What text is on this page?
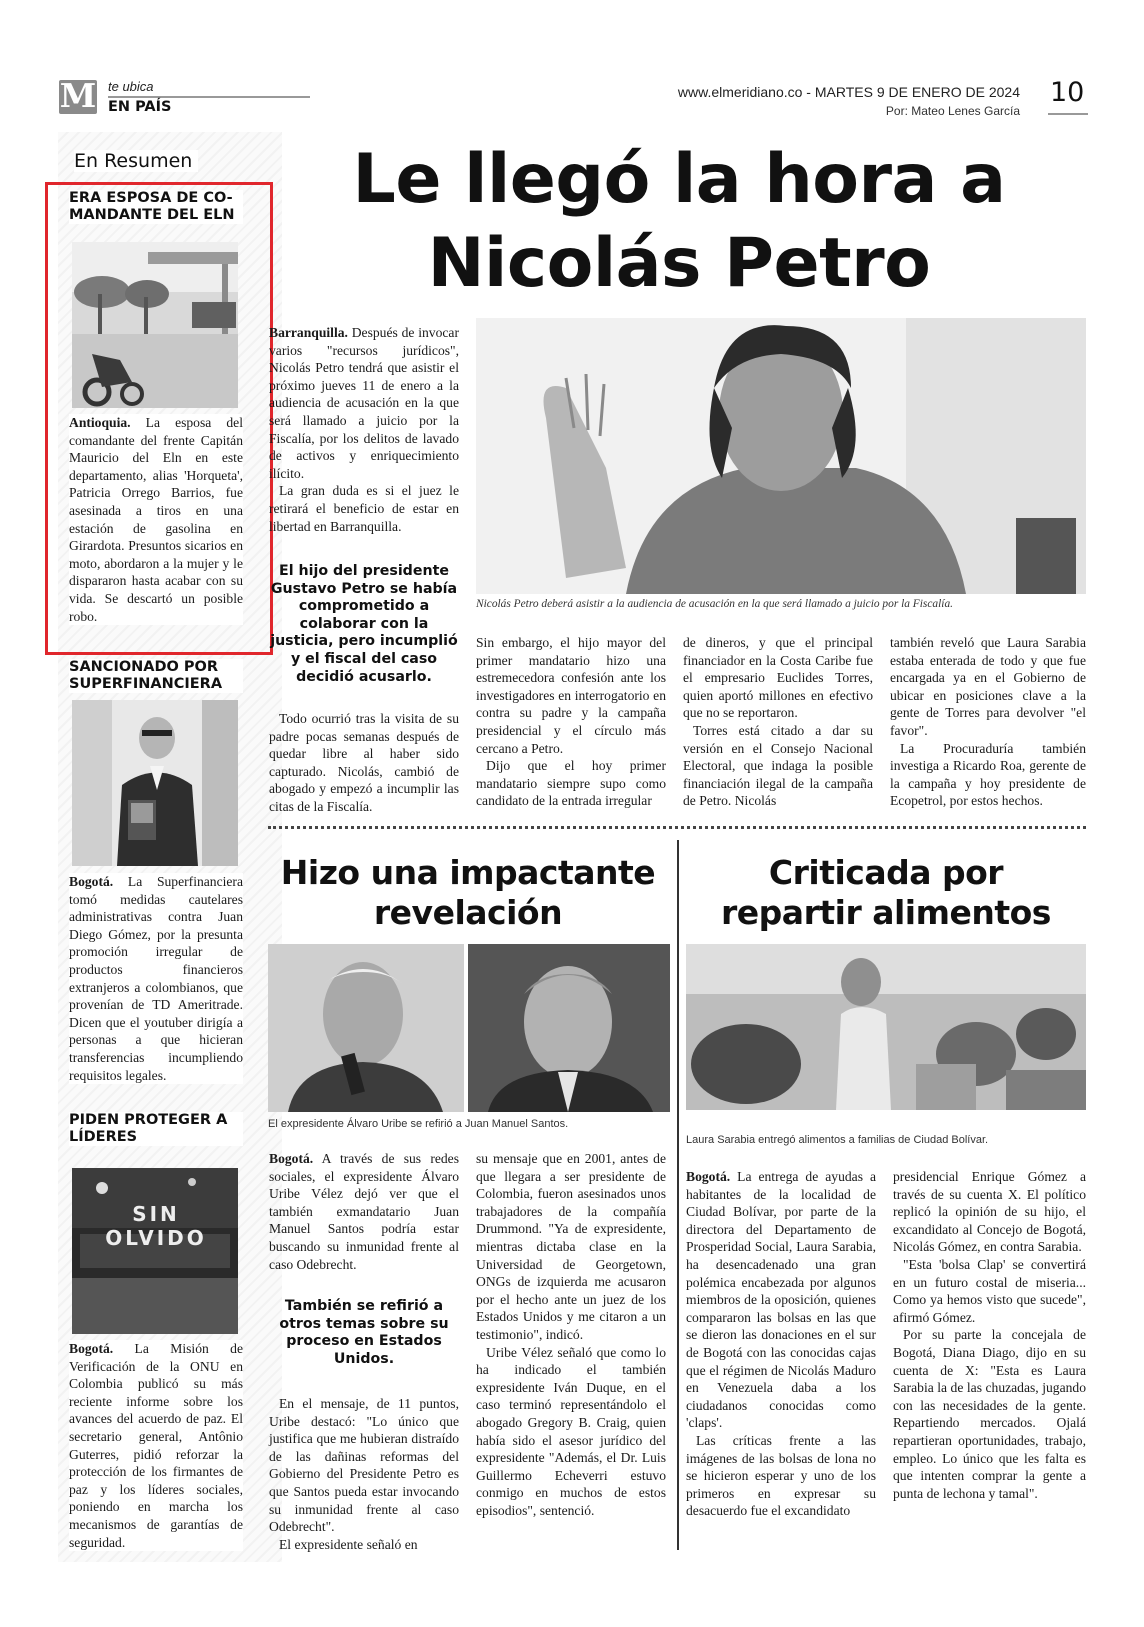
M te ubica
EN PAÍS
www.elmeridiano.co - MARTES 9 DE ENERO DE 2024
Por: Mateo Lenes García
10
En Resumen
ERA ESPOSA DE CO-MANDANTE DEL ELN

Antioquia. La esposa del comandante del frente Capitán Mauricio del Eln en este departamento, alias 'Horqueta', Patricia Orrego Barrios, fue asesinada a tiros en una estación de gasolina en Girardota. Presuntos sicarios en moto, abordaron a la mujer y le dispararon hasta acabar con su vida. Se descartó un posible robo.

SANCIONADO POR SUPERFINANCIERA

Bogotá. La Superfinanciera tomó medidas cautelares administrativas contra Juan Diego Gómez, por la presunta promoción irregular de productos financieros extranjeros a colombianos, que provenían de TD Ameritrade. Dicen que el youtuber dirigía a personas a que hicieran transferencias incumpliendo requisitos legales.

PIDEN PROTEGER A LÍDERES
SIN OLVIDO

Bogotá. La Misión de Verificación de la ONU en Colombia publicó su más reciente informe sobre los avances del acuerdo de paz. El secretario general, Antônio Guterres, pidió reforzar la protección de los firmantes de paz y los líderes sociales, poniendo en marcha los mecanismos de garantías de seguridad.

Le llegó la hora a
Nicolás Petro

Barranquilla. Después de invocar varios "recursos jurídicos", Nicolás Petro tendrá que asistir el próximo jueves 11 de enero a la audiencia de acusación en la que será llamado a juicio por la Fiscalía, por los delitos de lavado de activos y enriquecimiento ilícito.

La gran duda es si el juez le retirará el beneficio de estar en libertad en Barranquilla.

Nicolás Petro deberá asistir a la audiencia de acusación en la que será llamado a juicio por la Fiscalía.
El hijo del presidente Gustavo Petro se había comprometido a colaborar con la justicia, pero incumplió y el fiscal del caso decidió acusarlo.

Todo ocurrió tras la visita de su padre pocas semanas después de quedar libre al haber sido capturado. Nicolás, cambió de abogado y empezó a incumplir las citas de la Fiscalía.

Sin embargo, el hijo mayor del primer mandatario hizo una estremecedora confesión ante los investigadores en interrogatorio en contra su padre y la campaña presidencial y el círculo más cercano a Petro.

Dijo que el hoy primer mandatario siempre supo como candidato de la entrada irregular

de dineros, y que el principal financiador en la Costa Caribe fue el empresario Euclides Torres, quien aportó millones en efectivo que no se reportaron.

Torres está citado a dar su versión en el Consejo Nacional Electoral, que indaga la posible financiación ilegal de la campaña de Petro. Nicolás

también reveló que Laura Sarabia estaba enterada de todo y que fue encargada ya en el Gobierno de ubicar en posiciones clave a la gente de Torres para devolver "el favor".

La Procuraduría también investiga a Ricardo Roa, gerente de la campaña y hoy presidente de Ecopetrol, por estos hechos.

Hizo una impactante
revelación
El expresidente Álvaro Uribe se refirió a Juan Manuel Santos.

Bogotá. A través de sus redes sociales, el expresidente Álvaro Uribe Vélez dejó ver que el también exmandatario Juan Manuel Santos podría estar buscando su inmunidad frente al caso Odebrecht.

También se refirió a otros temas sobre su proceso en Estados Unidos.

En el mensaje, de 11 puntos, Uribe destacó: "Lo único que justifica que me hubieran distraído de las dañinas reformas del Gobierno del Presidente Petro es que Santos pueda estar invocando su inmunidad frente al caso Odebrecht".

El expresidente señaló en

su mensaje que en 2001, antes de que llegara a ser presidente de Colombia, fueron asesinados unos trabajadores de la compañía Drummond. "Ya de expresidente, mientras dictaba clase en la Universidad de Georgetown, ONGs de izquierda me acusaron por el hecho ante un juez de los Estados Unidos y me citaron a un testimonio", indicó.

Uribe Vélez señaló que como lo ha indicado el también expresidente Iván Duque, en el caso terminó representándolo el abogado Gregory B. Craig, quien había sido el asesor jurídico del expresidente "Además, el Dr. Luis Guillermo Echeverri estuvo conmigo en muchos de estos episodios", sentenció.

Criticada por
repartir alimentos
Laura Sarabia entregó alimentos a familias de Ciudad Bolívar.

Bogotá. La entrega de ayudas a habitantes de la localidad de Ciudad Bolívar, por parte de la directora del Departamento de Prosperidad Social, Laura Sarabia, ha desencadenado una gran polémica encabezada por algunos miembros de la oposición, quienes compararon las bolsas en las que se dieron las donaciones en el sur de Bogotá con las conocidas cajas que el régimen de Nicolás Maduro en Venezuela daba a los ciudadanos conocidas como 'claps'.

Las críticas frente a las imágenes de las bolsas de lona no se hicieron esperar y uno de los primeros en expresar su desacuerdo fue el excandidato

presidencial Enrique Gómez a través de su cuenta X. El político replicó la opinión de su hijo, el excandidato al Concejo de Bogotá, Nicolás Gómez, en contra Sarabia.

"Esta 'bolsa Clap' se convertirá en un futuro costal de miseria... Como ya hemos visto que sucede", afirmó Gómez.

Por su parte la concejala de Bogotá, Diana Diago, dijo en su cuenta de X: "Esta es Laura Sarabia la de las chuzadas, jugando con las necesidades de la gente. Repartiendo mercados. Ojalá repartieran oportunidades, trabajo, empleo. Lo único que les falta es que intenten comprar la gente a punta de lechona y tamal".
